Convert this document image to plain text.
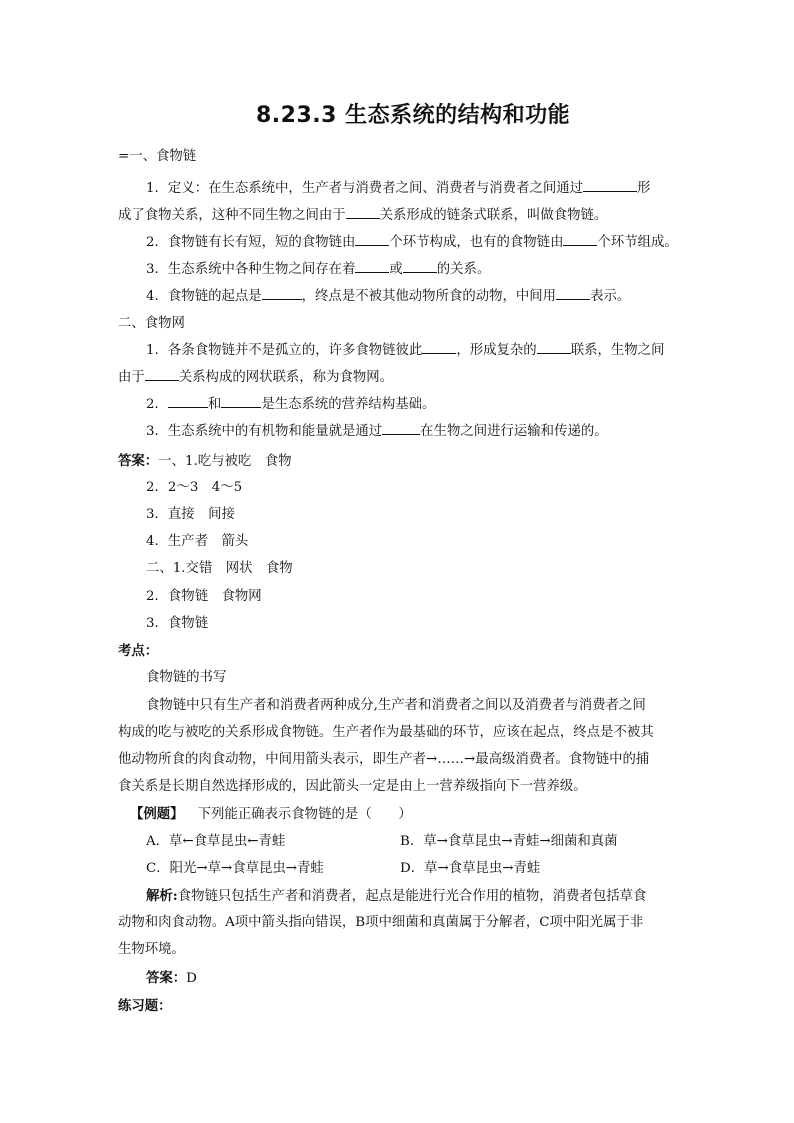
8.23.3 生态系统的结构和功能
=一、食物链
1．定义：在生态系统中，生产者与消费者之间、消费者与消费者之间通过	形
成了食物关系，这种不同生物之间由于	关系形成的链条式联系，叫做食物链。
2．食物链有长有短，短的食物链由	个环节构成，也有的食物链由	个环节组成。
3．生态系统中各种生物之间存在着	或	的关系。
4．食物链的起点是	，终点是不被其他动物所食的动物，中间用	表示。
二、食物网
1．各条食物链并不是孤立的，许多食物链彼此	，形成复杂的	联系，生物之间
由于	关系构成的网状联系，称为食物网。
2．	和	是生态系统的营养结构基础。
3．生态系统中的有机物和能量就是通过	在生物之间进行运输和传递的。
答案：一、1.吃与被吃　食物
2．2～3　4～5
3．直接　间接
4．生产者　箭头
二、1.交错　网状　食物
2．食物链　食物网
3．食物链
考点：
食物链的书写
食物链中只有生产者和消费者两种成分,生产者和消费者之间以及消费者与消费者之间
构成的吃与被吃的关系形成食物链。生产者作为最基础的环节，应该在起点，终点是不被其
他动物所食的肉食动物，中间用箭头表示，即生产者→……→最高级消费者。食物链中的捕
食关系是长期自然选择形成的，因此箭头一定是由上一营养级指向下一营养级。
【例题】 下列能正确表示食物链的是（　　）
A．草←食草昆虫←青蛙	B．草→食草昆虫→青蛙→细菌和真菌
C．阳光→草→食草昆虫→青蛙	D．草→食草昆虫→青蛙
解析:食物链只包括生产者和消费者，起点是能进行光合作用的植物，消费者包括草食
动物和肉食动物。A项中箭头指向错误，B项中细菌和真菌属于分解者，C项中阳光属于非
生物环境。
答案：D
练习题：
